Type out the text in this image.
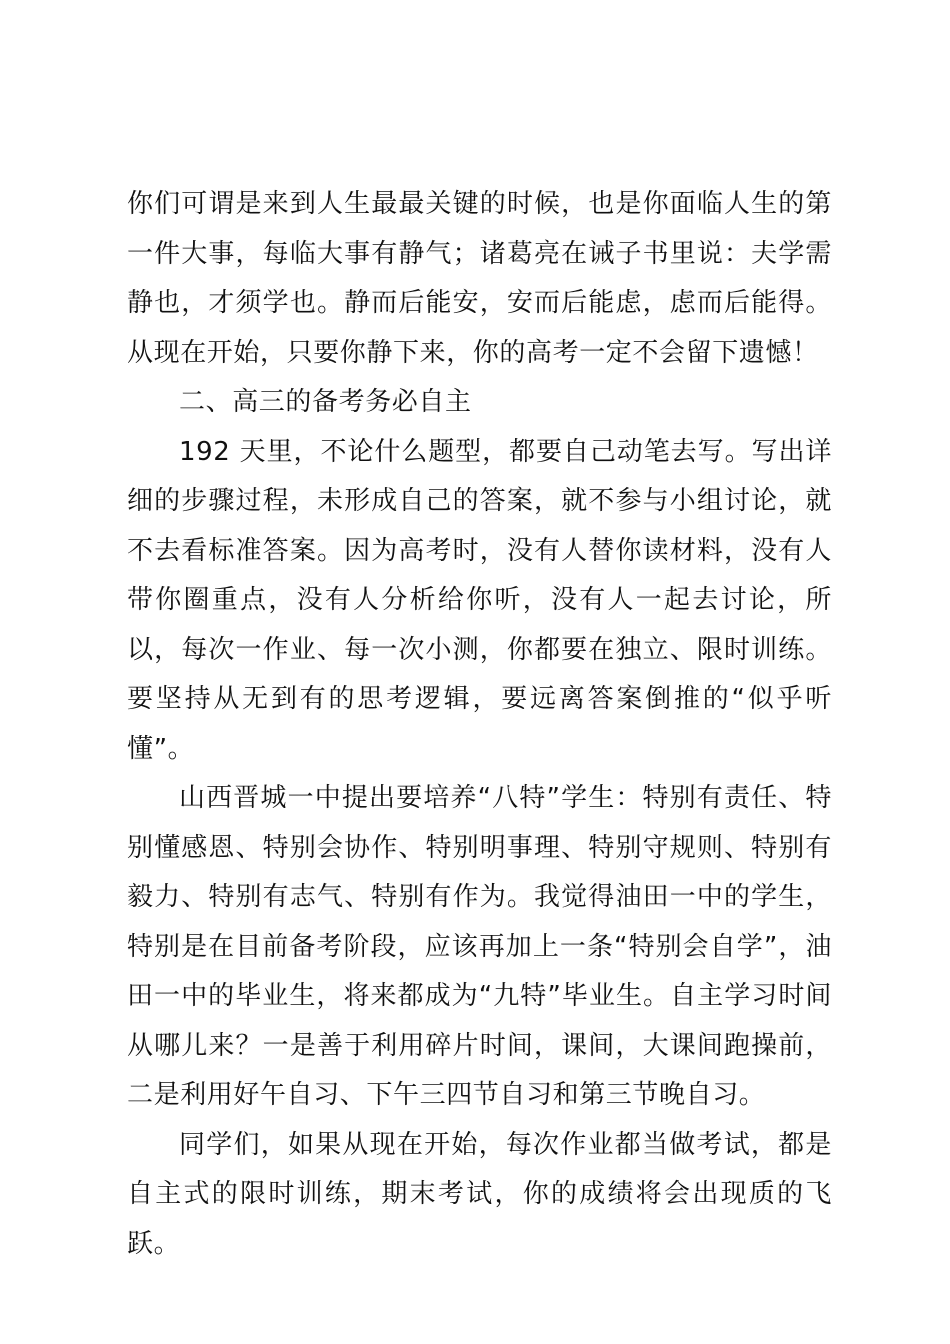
你们可谓是来到人生最最关键的时候，也是你面临人生的第一件大事，每临大事有静气；诸葛亮在诫子书里说：夫学需静也，才须学也。静而后能安，安而后能虑，虑而后能得。从现在开始，只要你静下来，你的高考一定不会留下遗憾！

二、高三的备考务必自主

192 天里，不论什么题型，都要自己动笔去写。写出详细的步骤过程，未形成自己的答案，就不参与小组讨论，就不去看标准答案。因为高考时，没有人替你读材料，没有人带你圈重点，没有人分析给你听，没有人一起去讨论，所以，每次一作业、每一次小测，你都要在独立、限时训练。要坚持从无到有的思考逻辑，要远离答案倒推的“似乎听懂”。

山西晋城一中提出要培养“八特”学生：特别有责任、特别懂感恩、特别会协作、特别明事理、特别守规则、特别有毅力、特别有志气、特别有作为。我觉得油田一中的学生，特别是在目前备考阶段，应该再加上一条“特别会自学”，油田一中的毕业生，将来都成为“九特”毕业生。自主学习时间从哪儿来？一是善于利用碎片时间，课间，大课间跑操前，二是利用好午自习、下午三四节自习和第三节晚自习。

同学们，如果从现在开始，每次作业都当做考试，都是自主式的限时训练，期末考试，你的成绩将会出现质的飞跃。
